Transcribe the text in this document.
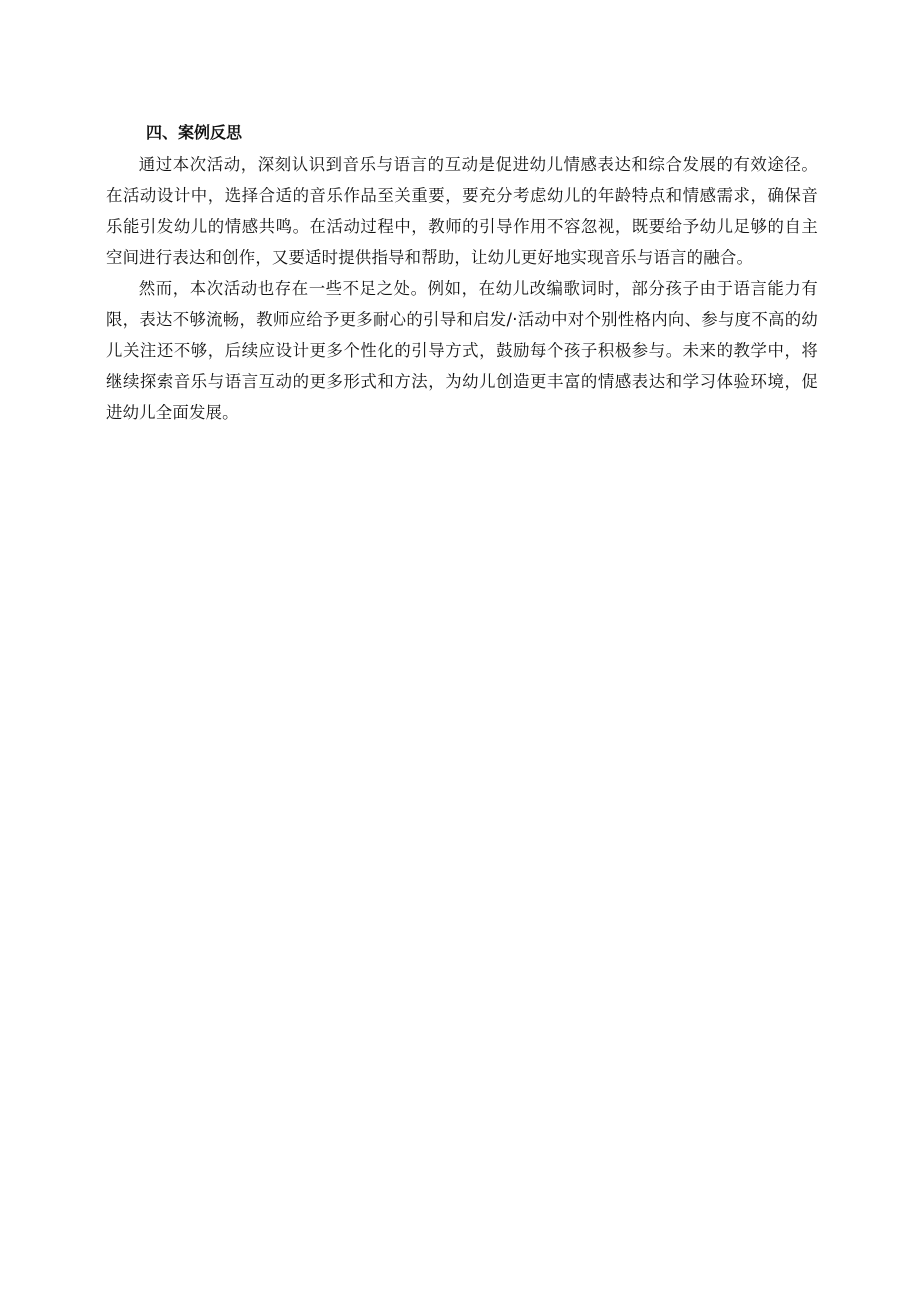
四、案例反思

通过本次活动，深刻认识到音乐与语言的互动是促进幼儿情感表达和综合发展的有效途径。在活动设计中，选择合适的音乐作品至关重要，要充分考虑幼儿的年龄特点和情感需求，确保音乐能引发幼儿的情感共鸣。在活动过程中，教师的引导作用不容忽视，既要给予幼儿足够的自主空间进行表达和创作，又要适时提供指导和帮助，让幼儿更好地实现音乐与语言的融合。

然而，本次活动也存在一些不足之处。例如，在幼儿改编歌词时，部分孩子由于语言能力有限，表达不够流畅，教师应给予更多耐心的引导和启发/·活动中对个别性格内向、参与度不高的幼儿关注还不够，后续应设计更多个性化的引导方式，鼓励每个孩子积极参与。未来的教学中，将继续探索音乐与语言互动的更多形式和方法，为幼儿创造更丰富的情感表达和学习体验环境，促进幼儿全面发展。
